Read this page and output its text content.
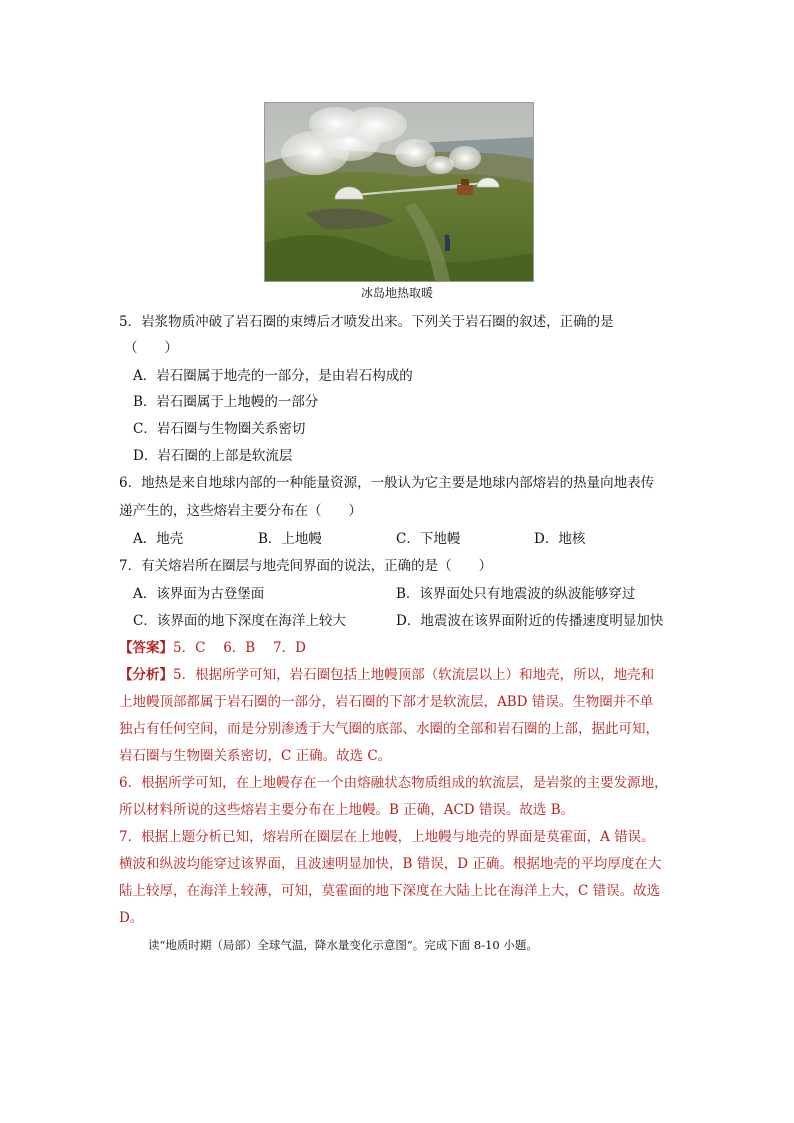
冰岛地热取暖
5．岩浆物质冲破了岩石圈的束缚后才喷发出来。下列关于岩石圈的叙述，正确的是
（　　）
A．岩石圈属于地壳的一部分，是由岩石构成的
B．岩石圈属于上地幔的一部分
C．岩石圈与生物圈关系密切
D．岩石圈的上部是软流层
6．地热是来自地球内部的一种能量资源，一般认为它主要是地球内部熔岩的热量向地表传
递产生的，这些熔岩主要分布在（　　）
A．地壳	B．上地幔	C．下地幔	D．地核
7．有关熔岩所在圈层与地壳间界面的说法，正确的是（　　）
A．该界面为古登堡面	B．该界面处只有地震波的纵波能够穿过
C．该界面的地下深度在海洋上较大	D．地震波在该界面附近的传播速度明显加快
【答案】5．C　 6．B　 7．D
【分析】5．根据所学可知，岩石圈包括上地幔顶部（软流层以上）和地壳，所以，地壳和
上地幔顶部都属于岩石圈的一部分，岩石圈的下部才是软流层，ABD 错误。生物圈并不单
独占有任何空间，而是分别渗透于大气圈的底部、水圈的全部和岩石圈的上部，据此可知，
岩石圈与生物圈关系密切，C 正确。故选 C。
6．根据所学可知，在上地幔存在一个由熔融状态物质组成的软流层，是岩浆的主要发源地，
所以材料所说的这些熔岩主要分布在上地幔。B 正确，ACD 错误。故选 B。
7．根据上题分析已知，熔岩所在圈层在上地幔，上地幔与地壳的界面是莫霍面，A 错误。
横波和纵波均能穿过该界面，且波速明显加快，B 错误，D 正确。根据地壳的平均厚度在大
陆上较厚，在海洋上较薄，可知，莫霍面的地下深度在大陆上比在海洋上大，C 错误。故选
D。
读“地质时期（局部）全球气温，降水量变化示意图”。完成下面 8-10 小题。
